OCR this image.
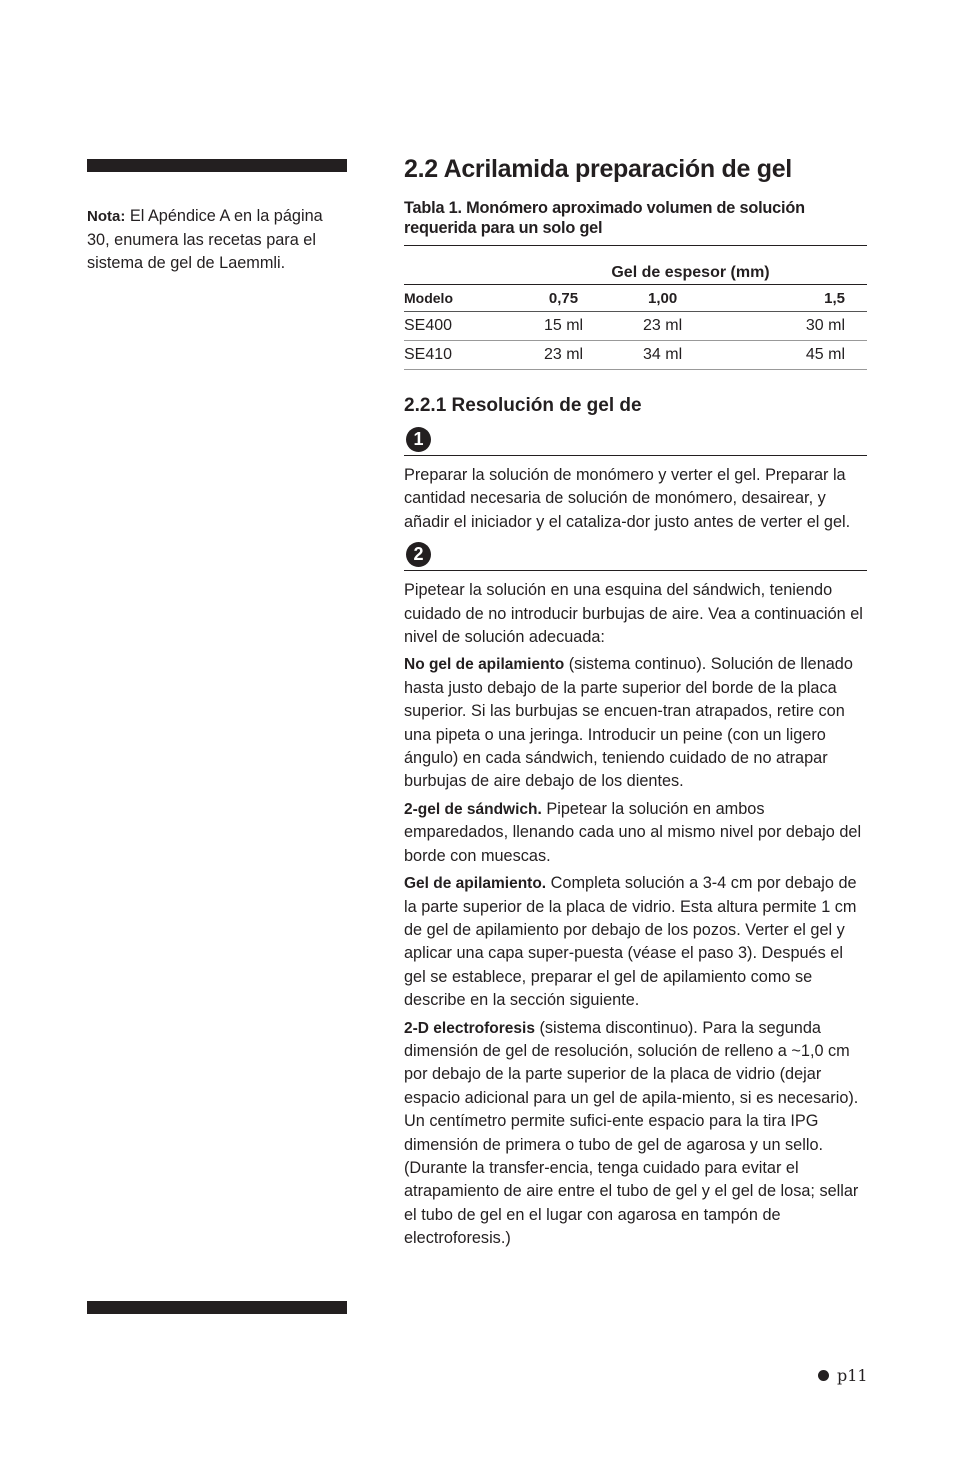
Nota: El Apéndice A en la página 30, enumera las recetas para el sistema de gel de Laemmli.
2.2 Acrilamida preparación de gel
Tabla 1. Monómero aproximado volumen de solución requerida para un solo gel
	Gel de espesor (mm)		
Modelo	0,75	1,00	1,5
SE400	15 ml	23 ml	30 ml
SE410	23 ml	34 ml	45 ml
2.2.1 Resolución de gel de
1

Preparar la solución de monómero y verter el gel. Preparar la cantidad necesaria de solución de monómero, desairear, y añadir el iniciador y el cataliza-dor justo antes de verter el gel.

2

Pipetear la solución en una esquina del sándwich, teniendo cuidado de no introducir burbujas de aire. Vea a continuación el nivel de solución adecuada:

No gel de apilamiento (sistema continuo). Solución de llenado hasta justo debajo de la parte superior del borde de la placa superior. Si las burbujas se encuen-tran atrapados, retire con una pipeta o una jeringa. Introducir un peine (con un ligero ángulo) en cada sándwich, teniendo cuidado de no atrapar burbujas de aire debajo de los dientes.

2-gel de sándwich. Pipetear la solución en ambos emparedados, llenando cada uno al mismo nivel por debajo del borde con muescas.

Gel de apilamiento. Completa solución a 3-4 cm por debajo de la parte superior de la placa de vidrio. Esta altura permite 1 cm de gel de apilamiento por debajo de los pozos. Verter el gel y aplicar una capa super-puesta (véase el paso 3). Después el gel se establece, preparar el gel de apilamiento como se describe en la sección siguiente.

2-D electroforesis (sistema discontinuo). Para la segunda dimensión de gel de resolución, solución de relleno a ~1,0 cm por debajo de la parte superior de la placa de vidrio (dejar espacio adicional para un gel de apila-miento, si es necesario). Un centímetro permite sufici-ente espacio para la tira IPG dimensión de primera o tubo de gel de agarosa y un sello. (Durante la transfer-encia, tenga cuidado para evitar el atrapamiento de aire entre el tubo de gel y el gel de losa; sellar el tubo de gel en el lugar con agarosa en tampón de electroforesis.)

p11
